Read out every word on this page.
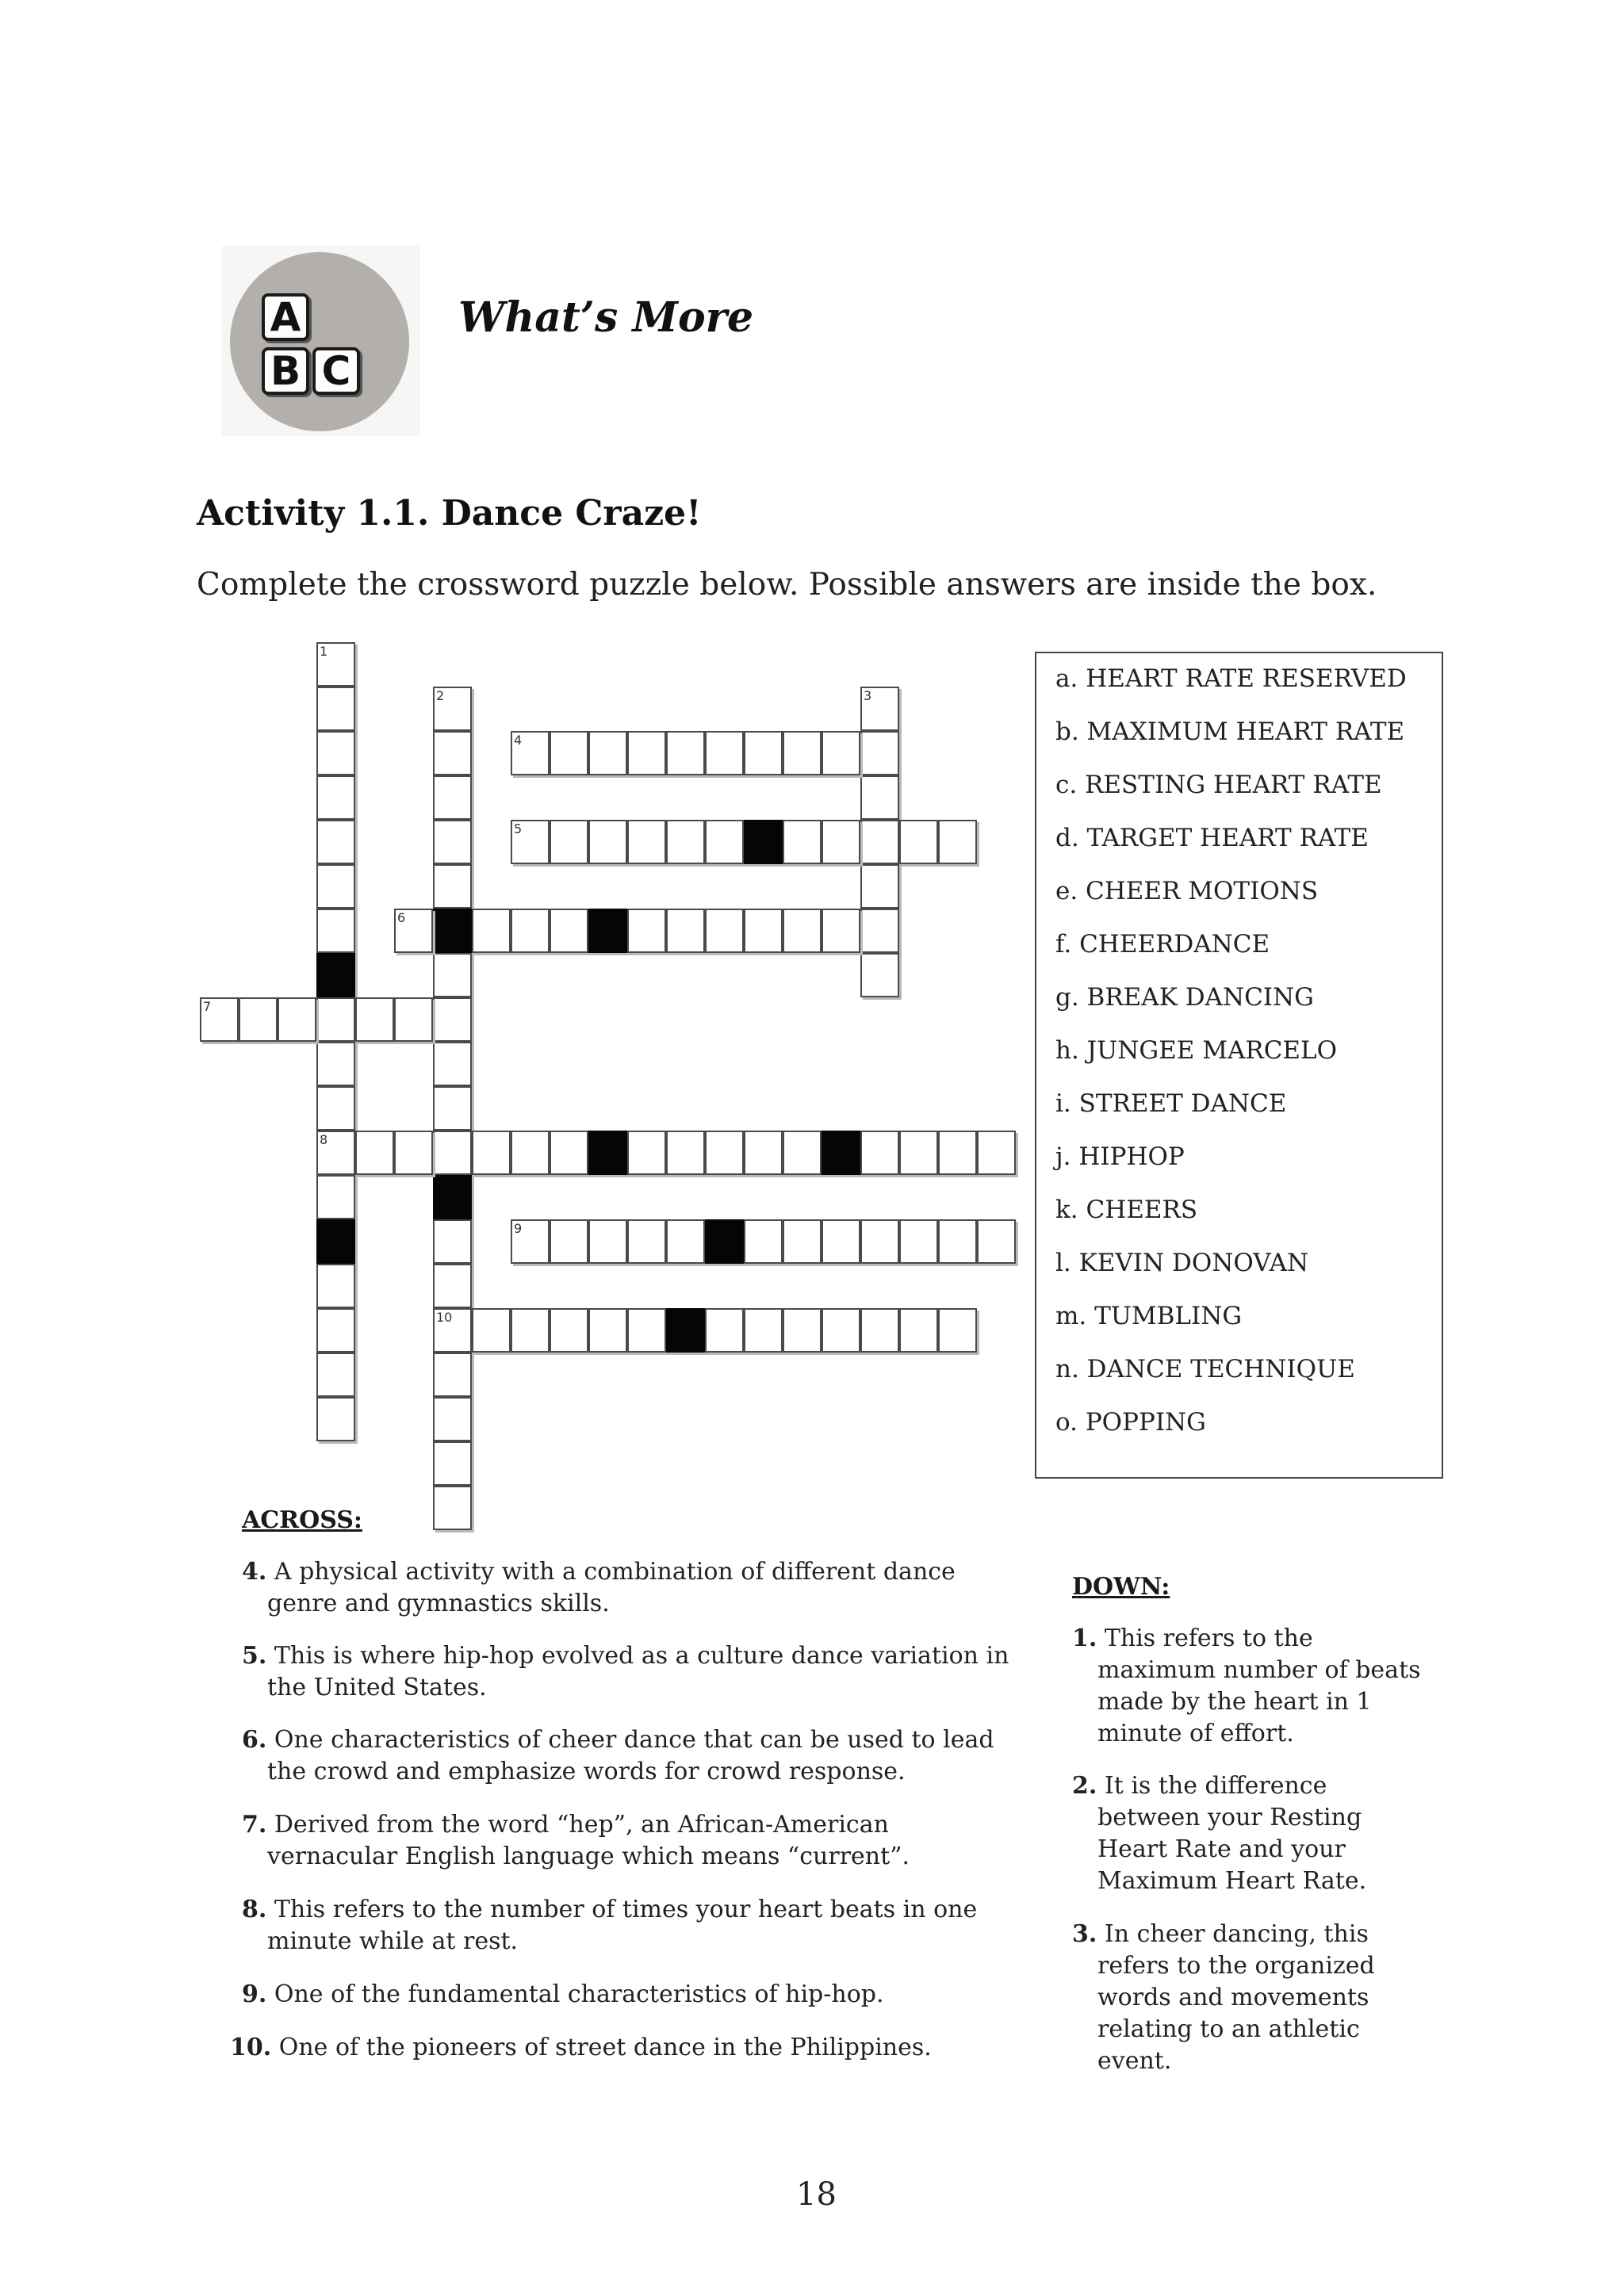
A
B C
What’s More
Activity 1.1. Dance Craze!
Complete the crossword puzzle below. Possible answers are inside the box.
1
8
2
10
3
4
5
6
7
9
a. HEART RATE RESERVED
b. MAXIMUM HEART RATE
c. RESTING HEART RATE
d. TARGET HEART RATE
e. CHEER MOTIONS
f. CHEERDANCE
g. BREAK DANCING
h. JUNGEE MARCELO
i. STREET DANCE
j. HIPHOP
k. CHEERS
l. KEVIN DONOVAN
m. TUMBLING
n. DANCE TECHNIQUE
o. POPPING
ACROSS:
4. A physical activity with a combination of different dance
genre and gymnastics skills.
5. This is where hip-hop evolved as a culture dance variation in
the United States.
6. One characteristics of cheer dance that can be used to lead
the crowd and emphasize words for crowd response.
7. Derived from the word “hep”, an African-American
vernacular English language which means “current”.
8. This refers to the number of times your heart beats in one
minute while at rest.
9. One of the fundamental characteristics of hip-hop.
10. One of the pioneers of street dance in the Philippines.
DOWN:
1. This refers to the
maximum number of beats
made by the heart in 1
minute of effort.
2. It is the difference
between your Resting
Heart Rate and your
Maximum Heart Rate.
3. In cheer dancing, this
refers to the organized
words and movements
relating to an athletic
event.
18
